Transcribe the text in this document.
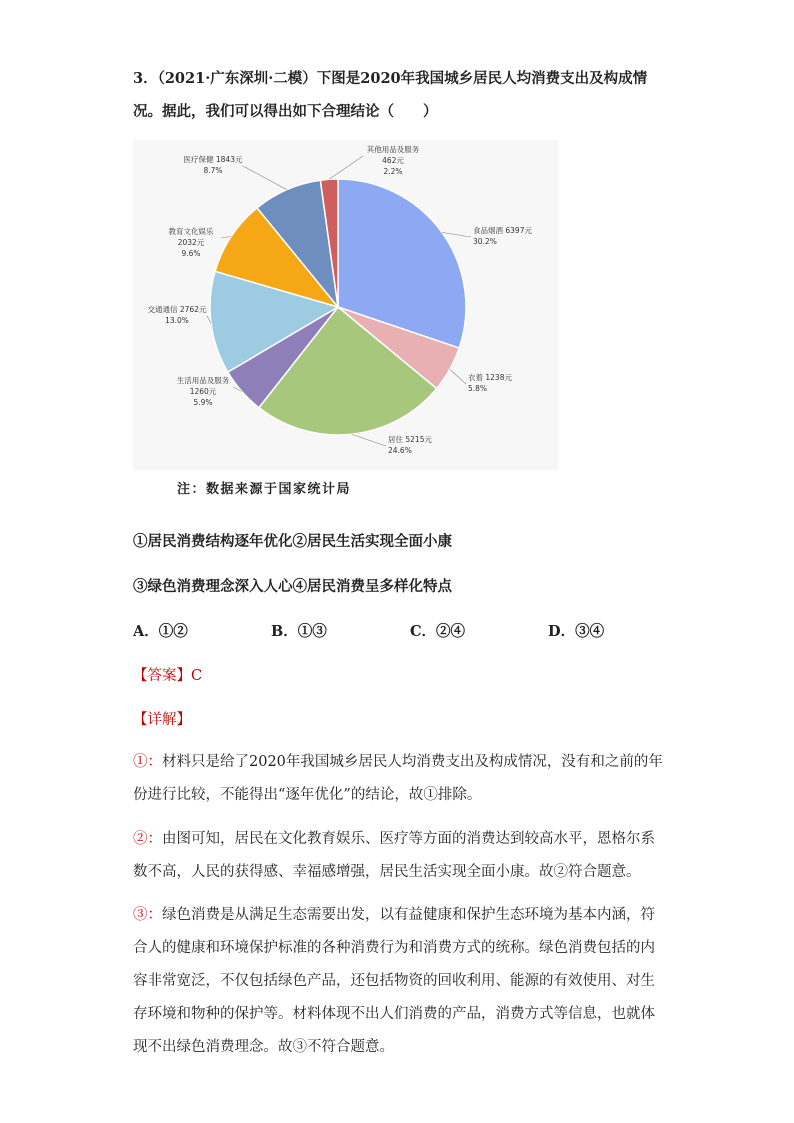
3．（2021·广东深圳·二模）下图是2020年我国城乡居民人均消费支出及构成情况。据此，我们可以得出如下合理结论（　　）
食品烟酒 6397元
30.2%
衣着 1238元
5.8%
居住 5215元
24.6%
生活用品及服务
1260元
5.9%
交通通信 2762元
13.0%
教育文化娱乐
2032元
9.6%
医疗保健 1843元
8.7%
其他用品及服务
462元
2.2%
注：数据来源于国家统计局
①居民消费结构逐年优化②居民生活实现全面小康
③绿色消费理念深入人心④居民消费呈多样化特点
A．①②	B．①③	C．②④	D．③④
【答案】C
【详解】
①：材料只是给了2020年我国城乡居民人均消费支出及构成情况，没有和之前的年份进行比较，不能得出“逐年优化”的结论，故①排除。
②：由图可知，居民在文化教育娱乐、医疗等方面的消费达到较高水平，恩格尔系数不高，人民的获得感、幸福感增强，居民生活实现全面小康。故②符合题意。
③：绿色消费是从满足生态需要出发，以有益健康和保护生态环境为基本内涵，符合人的健康和环境保护标准的各种消费行为和消费方式的统称。绿色消费包括的内容非常宽泛，不仅包括绿色产品，还包括物资的回收利用、能源的有效使用、对生存环境和物种的保护等。材料体现不出人们消费的产品，消费方式等信息，也就体现不出绿色消费理念。故③不符合题意。
